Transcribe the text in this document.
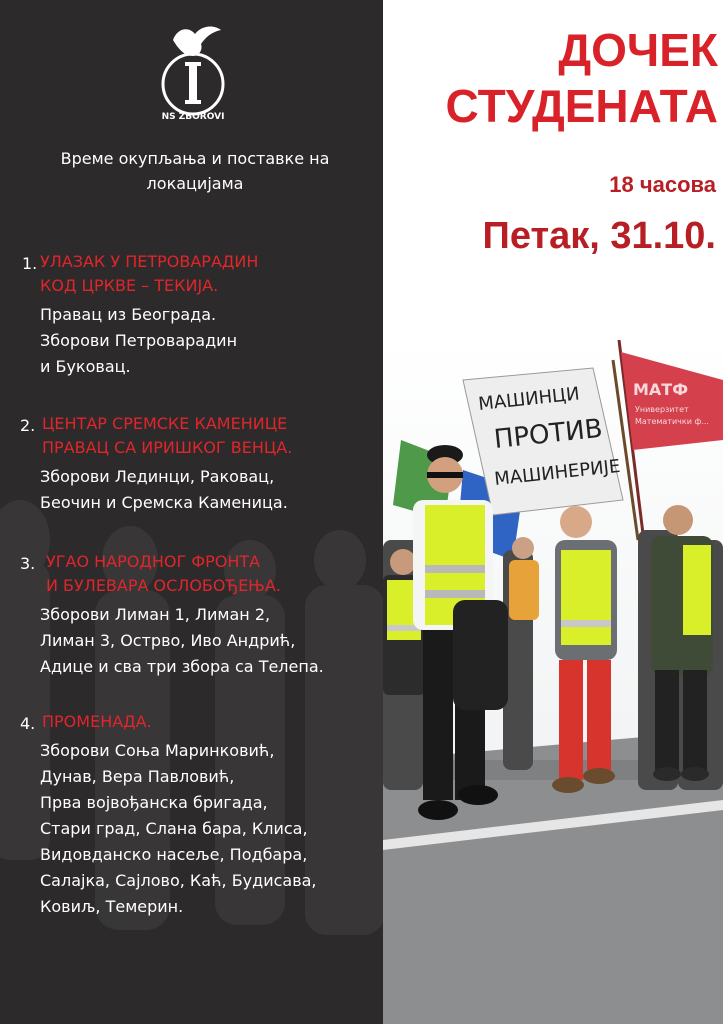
NS ZBOROVI
Време окупљања и поставке на локацијама
1. УЛАЗАК У ПЕТРОВАРАДИН
КОД ЦРКВЕ – ТЕКИЈА.
Правац из Београда.
Зборови Петроварадин
и Буковац.
2. ЦЕНТАР СРЕМСКЕ КАМЕНИЦЕ
ПРАВАЦ СА ИРИШКОГ ВЕНЦА.
Зборови Лединци, Раковац,
Беочин и Сремска Каменица.
3. УГАО НАРОДНОГ ФРОНТА
И БУЛЕВАРА ОСЛОБОЂЕЊА.
Зборови Лиман 1, Лиман 2,
Лиман 3, Острво, Иво Андрић,
Адице и сва три збора са Телепа.
4. ПРОМЕНАДА.
Зборови Соња Маринковић,
Дунав, Вера Павловић,
Прва војвођанска бригада,
Стари град, Слана бара, Клиса,
Видовданско насеље, Подбара,
Салајка, Сајлово, Каћ, Будисава,
Ковиљ, Темерин.
ДОЧЕК
СТУДЕНАТА
18 часова
Петак, 31.10.
МАШИНЦИ
ПРОТИВ
МАШИНЕРИЈЕ
МАТФ
Универзитет
Математички ф...
